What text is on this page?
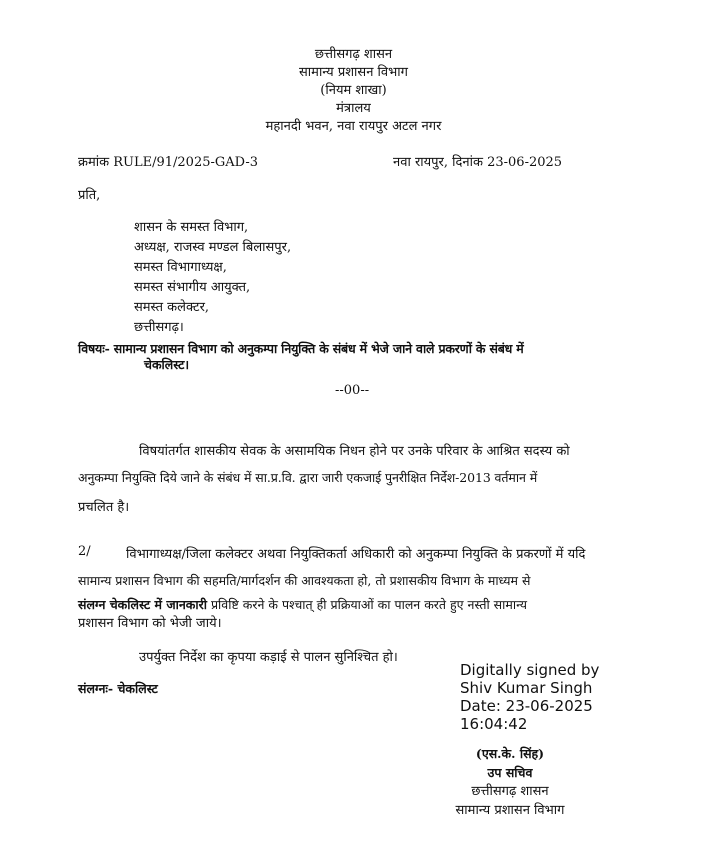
छत्तीसगढ़ शासन
सामान्य प्रशासन विभाग
(नियम शाखा)
मंत्रालय
महानदी भवन, नवा रायपुर अटल नगर
क्रमांक RULE/91/2025-GAD-3	नवा रायपुर, दिनांक 23-06-2025
प्रति,
शासन के समस्त विभाग,
अध्यक्ष, राजस्व मण्डल बिलासपुर,
समस्त विभागाध्यक्ष,
समस्त संभागीय आयुक्त,
समस्त कलेक्टर,
छत्तीसगढ़।
विषयः- सामान्य प्रशासन विभाग को अनुकम्पा नियुक्ति के संबंध में भेजे जाने वाले प्रकरणों के संबंध में
चेकलिस्ट।
--00--
विषयांतर्गत शासकीय सेवक के असामयिक निधन होने पर उनके परिवार के आश्रित सदस्य को
अनुकम्पा नियुक्ति दिये जाने के संबंध में सा.प्र.वि. द्वारा जारी एकजाई पुनरीक्षित निर्देश-2013 वर्तमान में
प्रचलित है।
2/	विभागाध्यक्ष/जिला कलेक्टर अथवा नियुक्तिकर्ता अधिकारी को अनुकम्पा नियुक्ति के प्रकरणों में यदि
सामान्य प्रशासन विभाग की सहमति/मार्गदर्शन की आवश्यकता हो, तो प्रशासकीय विभाग के माध्यम से
संलग्न चेकलिस्ट में जानकारी प्रविष्टि करने के पश्चात् ही प्रक्रियाओं का पालन करते हुए नस्ती सामान्य
प्रशासन विभाग को भेजी जाये।
उपर्युक्त निर्देश का कृपया कड़ाई से पालन सुनिश्चित हो।
संलग्नः- चेकलिस्ट
Digitally signed by
Shiv Kumar Singh
Date: 23-06-2025
16:04:42
(एस.के. सिंह)
उप सचिव
छत्तीसगढ़ शासन
सामान्य प्रशासन विभाग
